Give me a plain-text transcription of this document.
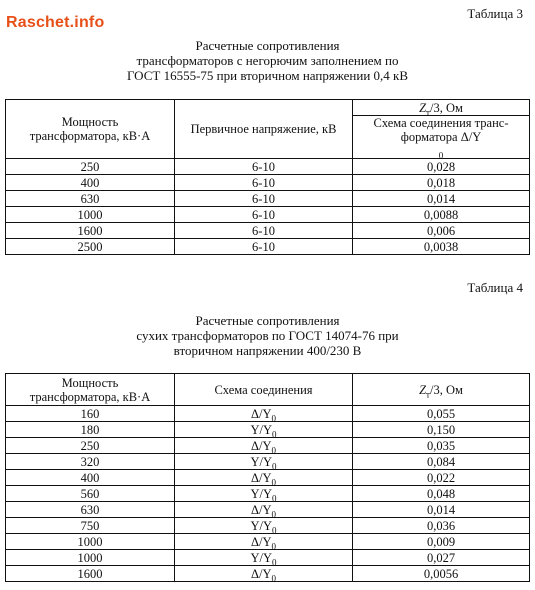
Raschet.info
Таблица 3
Расчетные сопротивления
трансформаторов с негорючим заполнением по
ГОСТ 16555-75 при вторичном напряжении 0,4 кВ
Мощность
трансформатора, кВ·А	Первичное напряжение, кВ	$Z_т/3$, Ом

		Схема соединения транс-
форматора Δ/Y
$_0$

250	6-10	0,028
400	6-10	0,018
630	6-10	0,014
1000	6-10	0,0088
1600	6-10	0,006
2500	6-10	0,0038
Таблица 4
Расчетные сопротивления
сухих трансформаторов по ГОСТ 14074-76 при
вторичном напряжении 400/230 В
Мощность
трансформатора, кВ·А	Схема соединения	$Z_т/3$, Ом
160	$\Delta/Y_0$	0,055
180	$Y/Y_0$	0,150
250	$\Delta/Y_0$	0,035
320	$Y/Y_0$	0,084
400	$\Delta/Y_0$	0,022
560	$Y/Y_0$	0,048
630	$\Delta/Y_0$	0,014
750	$Y/Y_0$	0,036
1000	$\Delta/Y_0$	0,009
1000	$Y/Y_0$	0,027
1600	$\Delta/Y_0$	0,0056
